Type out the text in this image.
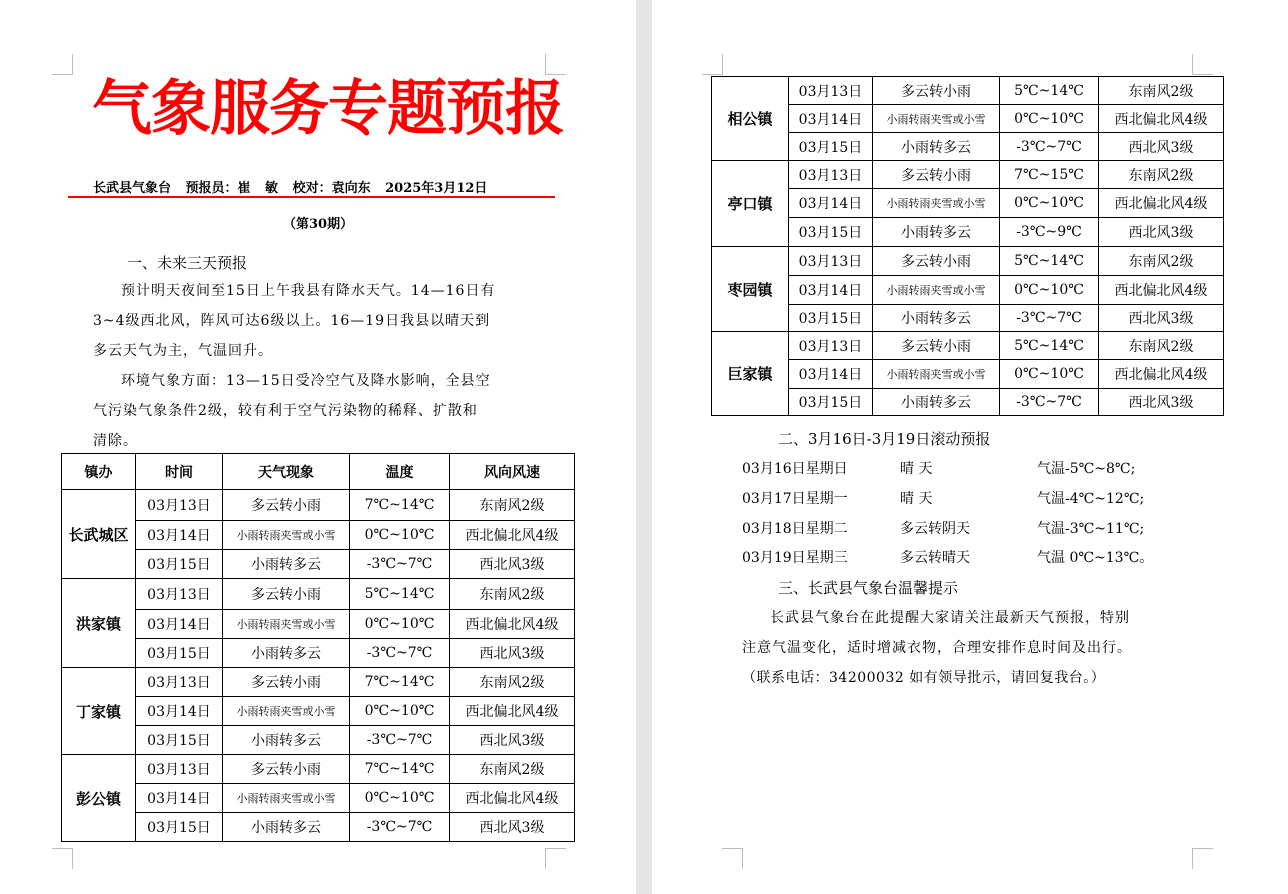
气象服务专题预报
长武县气象台 预报员：崔 敏 校对：袁向东 2025年3月12日
（第30期）
一、未来三天预报

预计明天夜间至15日上午我县有降水天气。14—16日有

3~4级西北风，阵风可达6级以上。16—19日我县以晴天到

多云天气为主，气温回升。

环境气象方面：13—15日受冷空气及降水影响，全县空

气污染气象条件2级，较有利于空气污染物的稀释、扩散和

清除。

镇办	时间	天气现象	温度	风向风速
长武城区	03月13日	多云转小雨	7℃~14℃	东南风2级
	03月14日	小雨转雨夹雪或小雪	0℃~10℃	西北偏北风4级
	03月15日	小雨转多云	-3℃~7℃	西北风3级
洪家镇	03月13日	多云转小雨	5℃~14℃	东南风2级
	03月14日	小雨转雨夹雪或小雪	0℃~10℃	西北偏北风4级
	03月15日	小雨转多云	-3℃~7℃	西北风3级
丁家镇	03月13日	多云转小雨	7℃~14℃	东南风2级
	03月14日	小雨转雨夹雪或小雪	0℃~10℃	西北偏北风4级
	03月15日	小雨转多云	-3℃~7℃	西北风3级
彭公镇	03月13日	多云转小雨	7℃~14℃	东南风2级
	03月14日	小雨转雨夹雪或小雪	0℃~10℃	西北偏北风4级
	03月15日	小雨转多云	-3℃~7℃	西北风3级
相公镇	03月13日	多云转小雨	5℃~14℃	东南风2级
	03月14日	小雨转雨夹雪或小雪	0℃~10℃	西北偏北风4级
	03月15日	小雨转多云	-3℃~7℃	西北风3级
亭口镇	03月13日	多云转小雨	7℃~15℃	东南风2级
	03月14日	小雨转雨夹雪或小雪	0℃~10℃	西北偏北风4级
	03月15日	小雨转多云	-3℃~9℃	西北风3级
枣园镇	03月13日	多云转小雨	5℃~14℃	东南风2级
	03月14日	小雨转雨夹雪或小雪	0℃~10℃	西北偏北风4级
	03月15日	小雨转多云	-3℃~7℃	西北风3级
巨家镇	03月13日	多云转小雨	5℃~14℃	东南风2级
	03月14日	小雨转雨夹雪或小雪	0℃~10℃	西北偏北风4级
	03月15日	小雨转多云	-3℃~7℃	西北风3级
二、3月16日-3月19日滚动预报
03月16日星期日	晴 天	气温-5℃~8℃;
03月17日星期一	晴 天	气温-4℃~12℃;
03月18日星期二	多云转阴天	气温-3℃~11℃;
03月19日星期三	多云转晴天	气温 0℃~13℃。
三、长武县气象台温馨提示

长武县气象台在此提醒大家请关注最新天气预报，特别

注意气温变化，适时增减衣物，合理安排作息时间及出行。

（联系电话：34200032 如有领导批示，请回复我台。）
